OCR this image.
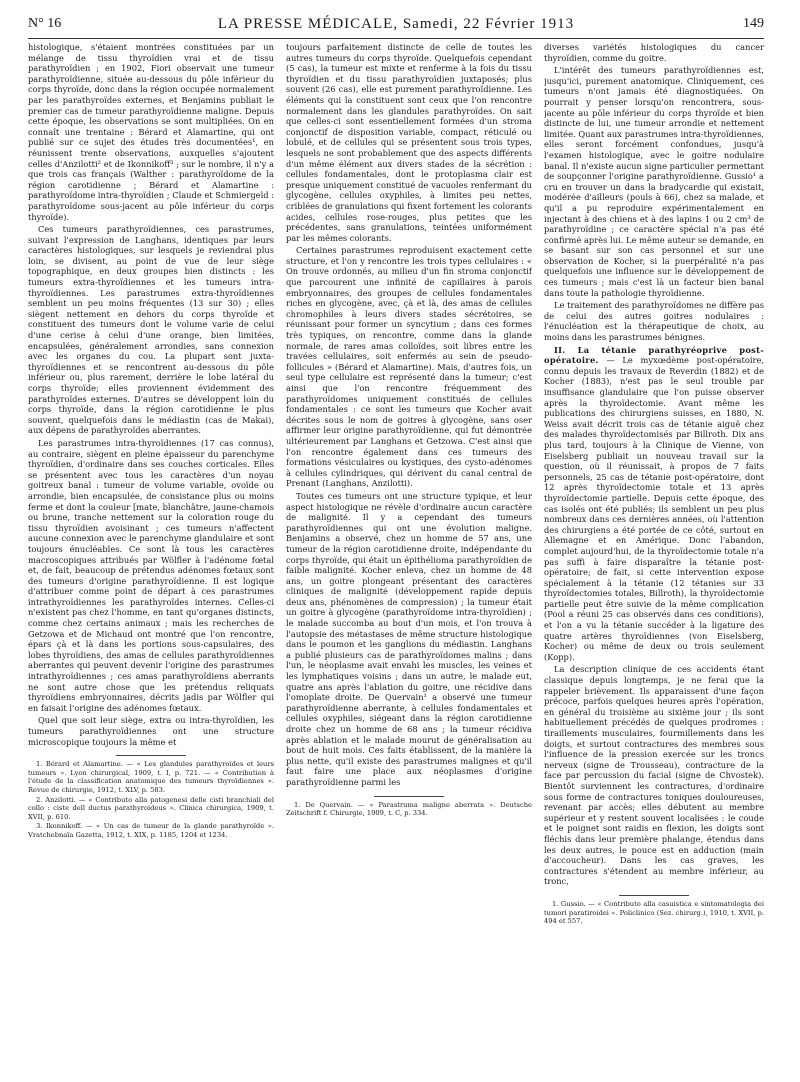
N° 16	LA PRESSE MÉDICALE, Samedi, 22 Février 1913	149

histologique, s'étaient montrées constituées par un mélange de tissu thyroïdien vrai et de tissu parathyroïdien ; en 1902, Fiori observait une tumeur parathyroïdienne, située au-dessous du pôle inférieur du corps thyroïde, donc dans la région occupée normalement par les parathyroïdes externes, et Benjamins publiait le premier cas de tumeur parathyroïdienne maligne. Depuis cette époque, les observations se sont multipliées. On en connaît une trentaine : Bérard et Alamartine, qui ont publié sur ce sujet des études très documentées¹, en réunissent trente observations, auxquelles s'ajoutent celles d'Anzilotti² et de Ikonnikoff³ ; sur le nombre, il n'y a que trois cas français (Walther : parathyroïdome de la région carotidienne ; Bérard et Alamartine : parathyroïdome intra-thyroïdien ; Claude et Schmiergeld : parathyroïdome sous-jacent au pôle inférieur du corps thyroïde).

Ces tumeurs parathyroïdiennes, ces parastrumes, suivant l'expression de Langhans, identiques par leurs caractères histologiques, sur lesquels je reviendrai plus loin, se divisent, au point de vue de leur siège topographique, en deux groupes bien distincts : les tumeurs extra-thyroïdiennes et les tumeurs intra-thyroïdiennes. Les parastrumes extra-thyroïdiennes semblent un peu moins fréquentes (13 sur 30) ; elles siègent nettement en dehors du corps thyroïde et constituent des tumeurs dont le volume varie de celui d'une cerise à celui d'une orange, bien limitées, encapsulées, généralement arrondies, sans connexion avec les organes du cou. La plupart sont juxta-thyroïdiennes et se rencontrent au-dessous du pôle inférieur ou, plus rarement, derrière le lobe latéral du corps thyroïde; elles proviennent évidemment des parathyroïdes externes. D'autres se développent loin du corps thyroïde, dans la région carotidienne le plus souvent, quelquefois dans le médiastin (cas de Makai), aux dépens de parathyroïdes aberrantes.

Les parastrumes intra-thyroïdiennes (17 cas connus), au contraire, siègent en pleine épaisseur du parenchyme thyroïdien, d'ordinaire dans ses couches corticales. Elles se présentent avec tous les caractères d'un noyau goitreux banal : tumeur de volume variable, ovoïde ou arrondie, bien encapsulée, de consistance plus ou moins ferme et dont la couleur [mate, blanchâtre, jaune-chamois ou brune, tranche nettement sur la coloration rouge du tissu thyroïdien avoisinant ; ces tumeurs n'affectent aucune connexion avec le parenchyme glandulaire et sont toujours énucléables. Ce sont là tous les caractères macroscopiques attribués par Wölfler à l'adénome fœtal et, de fait, beaucoup de prétendus adénomes fœtaux sont des tumeurs d'origine parathyroïdienne. Il est logique d'attribuer comme point de départ à ces parastrumes intrathyroïdiennes les parathyroïdes internes. Celles-ci n'existent pas chez l'homme, en tant qu'organes distincts, comme chez certains animaux ; mais les recherches de Getzowa et de Michaud ont montré que l'on rencontre, épars çà et là dans les portions sous-capsulaires, des lobes thyroïdiens, des amas de cellules parathyroïdiennes aberrantes qui peuvent devenir l'origine des parastrumes intrathyroïdiennes ; ces amas parathyroïdiens aberrants ne sont autre chose que les prétendus reliquats thyroïdiens embryonnaires, décrits jadis par Wölfler qui en faisait l'origine des adénomes fœtaux.

Quel que soit leur siège, extra ou intra-thyroïdien, les tumeurs parathyroïdiennes ont une structure microscopique toujours la même et

1. Bérard et Alamartine. — « Les glandules parathyroïdes et leurs tumeurs ». Lyon chirurgical, 1909, t. I, p. 721. — « Contribution à l'étude de la classification anatomique des tumeurs thyroïdiennes ». Revue de chirurgie, 1912, t. XLV, p. 583.

2. Anzilotti. — « Contributo alla patogenesi delle cisti branchiali del collo : ciste dell ductus parathyroideus ». Clinica chirurgica, 1909, t. XVII, p. 610.

3. Ikonnikoff. — « Un cas de tumeur de la glande parathyroïde ». Vratchebnaïa Gazetta, 1912, t. XIX, p. 1185, 1204 et 1234.

toujours parfaitement distincte de celle de toutes les autres tumeurs du corps thyroïde. Quelquefois cependant (5 cas), la tumeur est mixte et renferme à la fois du tissu thyroïdien et du tissu parathyroïdien juxtaposés; plus souvent (26 cas), elle est purement parathyroïdienne. Les éléments qui la constituent sont ceux que l'on rencontre normalement dans les glandules parathyroïdes. On sait que celles-ci sont essentiellement formées d'un stroma conjonctif de disposition variable, compact, réticulé ou lobulé, et de cellules qui se présentent sous trois types, lesquels ne sont probablement que des aspects différents d'un même élément aux divers stades de la sécrétion : cellules fondamentales, dont le protoplasma clair est presque uniquement constitué de vacuoles renfermant du glycogène, cellules oxyphiles, à limites peu nettes, criblées de granulations qui fixent fortement les colorants acides, cellules rose-rouges, plus petites que les précédentes, sans granulations, teintées uniformément par les mêmes colorants.

Certaines parastrumes reproduisent exactement cette structure, et l'on y rencontre les trois types cellulaires : « On trouve ordonnés, au milieu d'un fin stroma conjonctif que parcourent une infinité de capillaires à parois embryonnaires, des groupes de cellules fondamentales riches en glycogène, avec, çà et là, des amas de cellules chromophiles à leurs divers stades sécrétoires, se réunissant pour former un syncytium ; dans ces formes très typiques, on rencontre, comme dans la glande normale, de rares amas colloïdes, soit libres entre les travées cellulaires, soit enfermés au sein de pseudo-follicules » (Bérard et Alamartine). Mais, d'autres fois, un seul type cellulaire est représenté dans la tumeur; c'est ainsi que l'on rencontre fréquemment des parathyroïdomes uniquement constitués de cellules fondamentales : ce sont les tumeurs que Kocher avait décrites sous le nom de goitres à glycogène, sans oser affirmer leur origine parathyroïdienne, qui fut démontrée ultérieurement par Langhans et Getzowa. C'est ainsi que l'on rencontre également dans ces tumeurs des formations vésiculaires ou kystiques, des cysto-adénomes à cellules cylindriques, qui dérivent du canal central de Prenant (Langhans, Anzilotti).

Toutes ces tumeurs ont une structure typique, et leur aspect histologique ne révèle d'ordinaire aucun caractère de malignité. Il y a cependant des tumeurs parathyroïdiennes qui ont une évolution maligne. Benjamins a observé, chez un homme de 57 ans, une tumeur de la région carotidienne droite, indépendante du corps thyroïde, qui était un épithélioma parathyroïdien de faible malignité. Kocher enleva, chez un homme de 48 ans, un goitre plongeant présentant des caractères cliniques de malignité (développement rapide depuis deux ans, phénomènes de compression) ; la tumeur était un goitre à glycogène (parathyroïdome intra-thyroïdien) ; le malade succomba au bout d'un mois, et l'on trouva à l'autopsie des métastases de même structure histologique dans le poumon et les ganglions du médiastin. Langhans a publié plusieurs cas de parathyroïdomes malins ; dans l'un, le néoplasme avait envahi les muscles, les veines et les lymphatiques voisins ; dans un autre, le malade eut, quatre ans après l'ablation du goitre, une récidive dans l'omoplate droite. De Quervain¹ a observé une tumeur parathyroïdienne aberrante, à cellules fondamentales et cellules oxyphiles, siégeant dans la région carotidienne droite chez un homme de 68 ans ; la tumeur récidiva après ablation et le malade mourut de généralisation au bout de huit mois. Ces faits établissent, de la manière la plus nette, qu'il existe des parastrumes malignes et qu'il faut faire une place aux néoplasmes d'origine parathyroïdienne parmi les

1. De Quervain. — « Parastruma maligne aberrata ». Deutsche Zeitschrift f. Chirurgie, 1909, t. C, p. 334.

diverses variétés histologiques du cancer thyroïdien, comme du goitre.

L'intérêt des tumeurs parathyroïdiennes est, jusqu'ici, purement anatomique. Cliniquement, ces tumeurs n'ont jamais été diagnostiquées. On pourrait y penser lorsqu'on rencontrera, sous-jacente au pôle inférieur du corps thyroïde et bien distincte de lui, une tumeur arrondie et nettement limitée. Quant aux parastrumes intra-thyroïdiennes, elles seront forcément confondues, jusqu'à l'examen histologique, avec le goitre nodulaire banal. Il n'existe aucun signe particulier permettant de soupçonner l'origine parathyroïdienne. Gussio¹ a cru en trouver un dans la bradycardie qui existait, modérée d'ailleurs (pouls à 66), chez sa malade, et qu'il a pu reproduire expérimentalement en injectant à des chiens et à des lapins 1 ou 2 cm³ de parathyroïdine ; ce caractère spécial n'a pas été confirmé après lui. Le même auteur se demande, en se basant sur son cas personnel et sur une observation de Kocher, si la puerpéralité n'a pas quelquefois une influence sur le développement de ces tumeurs ; mais c'est là un facteur bien banal dans toute la pathologie thyroïdienne.

Le traitement des parathyroïdomes ne diffère pas de celui des autres goitres nodulaires : l'énucléation est la thérapeutique de choix, au moins dans les parastrumes bénignes.

II. La tétanie parathyréoprive post-opératoire. — Le myxœdème post-opératoire, connu depuis les travaux de Reverdin (1882) et de Kocher (1883), n'est pas le seul trouble par insuffisance glandulaire que l'on puisse observer après la thyroïdectomie. Avant même les publications des chirurgiens suisses, en 1880, N. Weiss avait décrit trois cas de tétanie aiguë chez des malades thyroïdectomisés par Billroth. Dix ans plus tard, toujours à la Clinique de Vienne, von Eiselsberg publiait un nouveau travail sur la question, où il réunissait, à propos de 7 faits personnels, 25 cas de tétanie post-opératoire, dont 12 après thyroïdectomie totale et 13 après thyroïdectomie partielle. Depuis cette époque, des cas isolés ont été publiés; ils semblent un peu plus nombreux dans ces dernières années, où l'attention des chirurgiens a été portée de ce côté, surtout en Allemagne et en Amérique. Donc l'abandon, complet aujourd'hui, de la thyroïdectomie totale n'a pas suffi à faire disparaître la tétanie post-opératoire; de fait, si cette intervention expose spécialement à la tétanie (12 tétanies sur 33 thyroïdectomies totales, Billroth), la thyroïdectomie partielle peut être suivie de la même complication (Pool a réuni 25 cas observés dans ces conditions), et l'on a vu la tétanie succéder à la ligature des quatre artères thyroïdiennes (von Eiselsberg, Kocher) ou même de deux ou trois seulement (Kopp).

La description clinique de ces accidents étant classique depuis longtemps, je ne ferai que la rappeler brièvement. Ils apparaissent d'une façon précoce, parfois quelques heures après l'opération, en général du troisième au sixième jour ; ils sont habituellement précédés de quelques prodromes : tiraillements musculaires, fourmillements dans les doigts, et surtout contractures des membres sous l'influence de la pression exercée sur les troncs nerveux (signe de Trousseau), contracture de la face par percussion du facial (signe de Chvostek). Bientôt surviennent les contractures, d'ordinaire sous forme de contractures toniques douloureuses, revenant par accès; elles débutent au membre supérieur et y restent souvent localisées : le coude et le poignet sont raidis en flexion, les doigts sont fléchis dans leur première phalange, étendus dans les deux autres, le pouce est en adduction (main d'accoucheur). Dans les cas graves, les contractures s'étendent au membre inférieur, au tronc,

1. Gussio. — « Contributo alla casuistica e sintomatologia dei tumori paratiroidei ». Policlinico (Sez. chirurg.), 1910, t. XVII, p. 494 et 557.
